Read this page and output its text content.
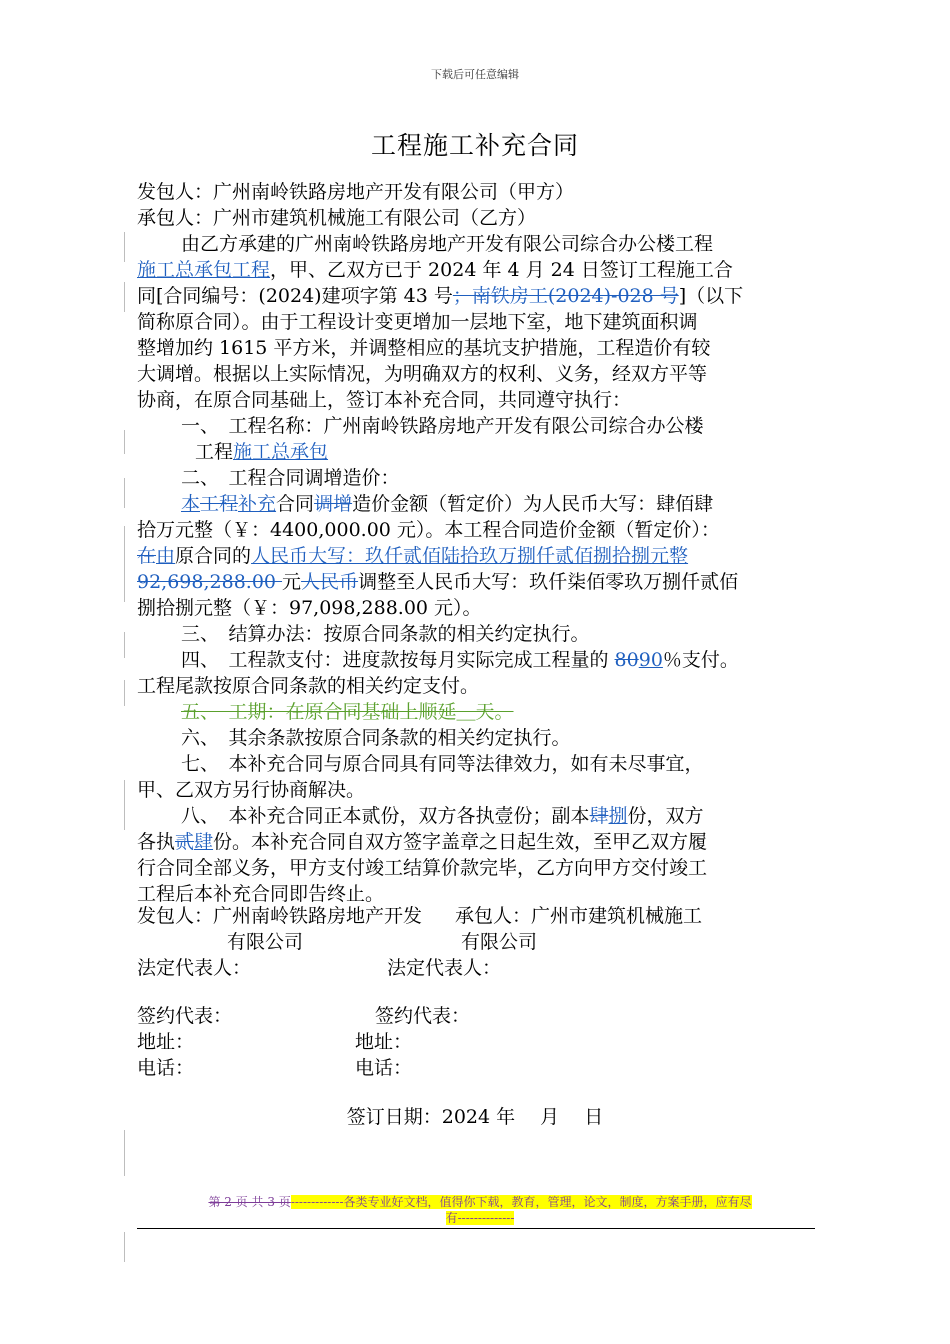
下载后可任意编辑
工程施工补充合同
发包人：广州南岭铁路房地产开发有限公司（甲方）
承包人：广州市建筑机械施工有限公司（乙方）
由乙方承建的广州南岭铁路房地产开发有限公司综合办公楼工程
施工总承包工程，甲、乙双方已于 2024 年 4 月 24 日签订工程施工合
同[合同编号：(2024)建项字第 43 号；南铁房工(2024)-028 号]（以下
简称原合同）。由于工程设计变更增加一层地下室，地下建筑面积调
整增加约 1615 平方米，并调整相应的基坑支护措施，工程造价有较
大调增。根据以上实际情况，为明确双方的权利、义务，经双方平等
协商，在原合同基础上，签订本补充合同，共同遵守执行：
一、　工程名称：广州南岭铁路房地产开发有限公司综合办公楼
工程施工总承包
二、　工程合同调增造价：
本工程补充合同调增造价金额（暂定价）为人民币大写：肆佰肆
拾万元整（￥：4400,000.00 元）。本工程合同造价金额（暂定价）：
在由原合同的人民币大写：玖仟贰佰陆拾玖万捌仟贰佰捌拾捌元整
92,698,288.00 元人民币调整至人民币大写：玖仟柒佰零玖万捌仟贰佰
捌拾捌元整（￥：97,098,288.00 元）。
三、　结算办法：按原合同条款的相关约定执行。
四、　工程款支付：进度款按每月实际完成工程量的 8090％支付。
工程尾款按原合同条款的相关约定支付。
五、　工期：在原合同基础上顺延＿天。
六、　其余条款按原合同条款的相关约定执行。
七、　本补充合同与原合同具有同等法律效力，如有未尽事宜，
甲、乙双方另行协商解决。
八、　本补充合同正本贰份，双方各执壹份；副本肆捌份，双方
各执贰肆份。本补充合同自双方签字盖章之日起生效，至甲乙双方履
行合同全部义务，甲方支付竣工结算价款完毕，乙方向甲方交付竣工
工程后本补充合同即告终止。
发包人：广州南岭铁路房地产开发 承包人：广州市建筑机械施工
有限公司	有限公司
法定代表人：	法定代表人：
签约代表：	签约代表：
地址：	地址：
电话：	电话：
签订日期：2024 年　 月　 日
第 2 页 共 3 页-------------各类专业好文档，值得你下载，教育，管理，论文，制度，方案手册，应有尽
有--------------
